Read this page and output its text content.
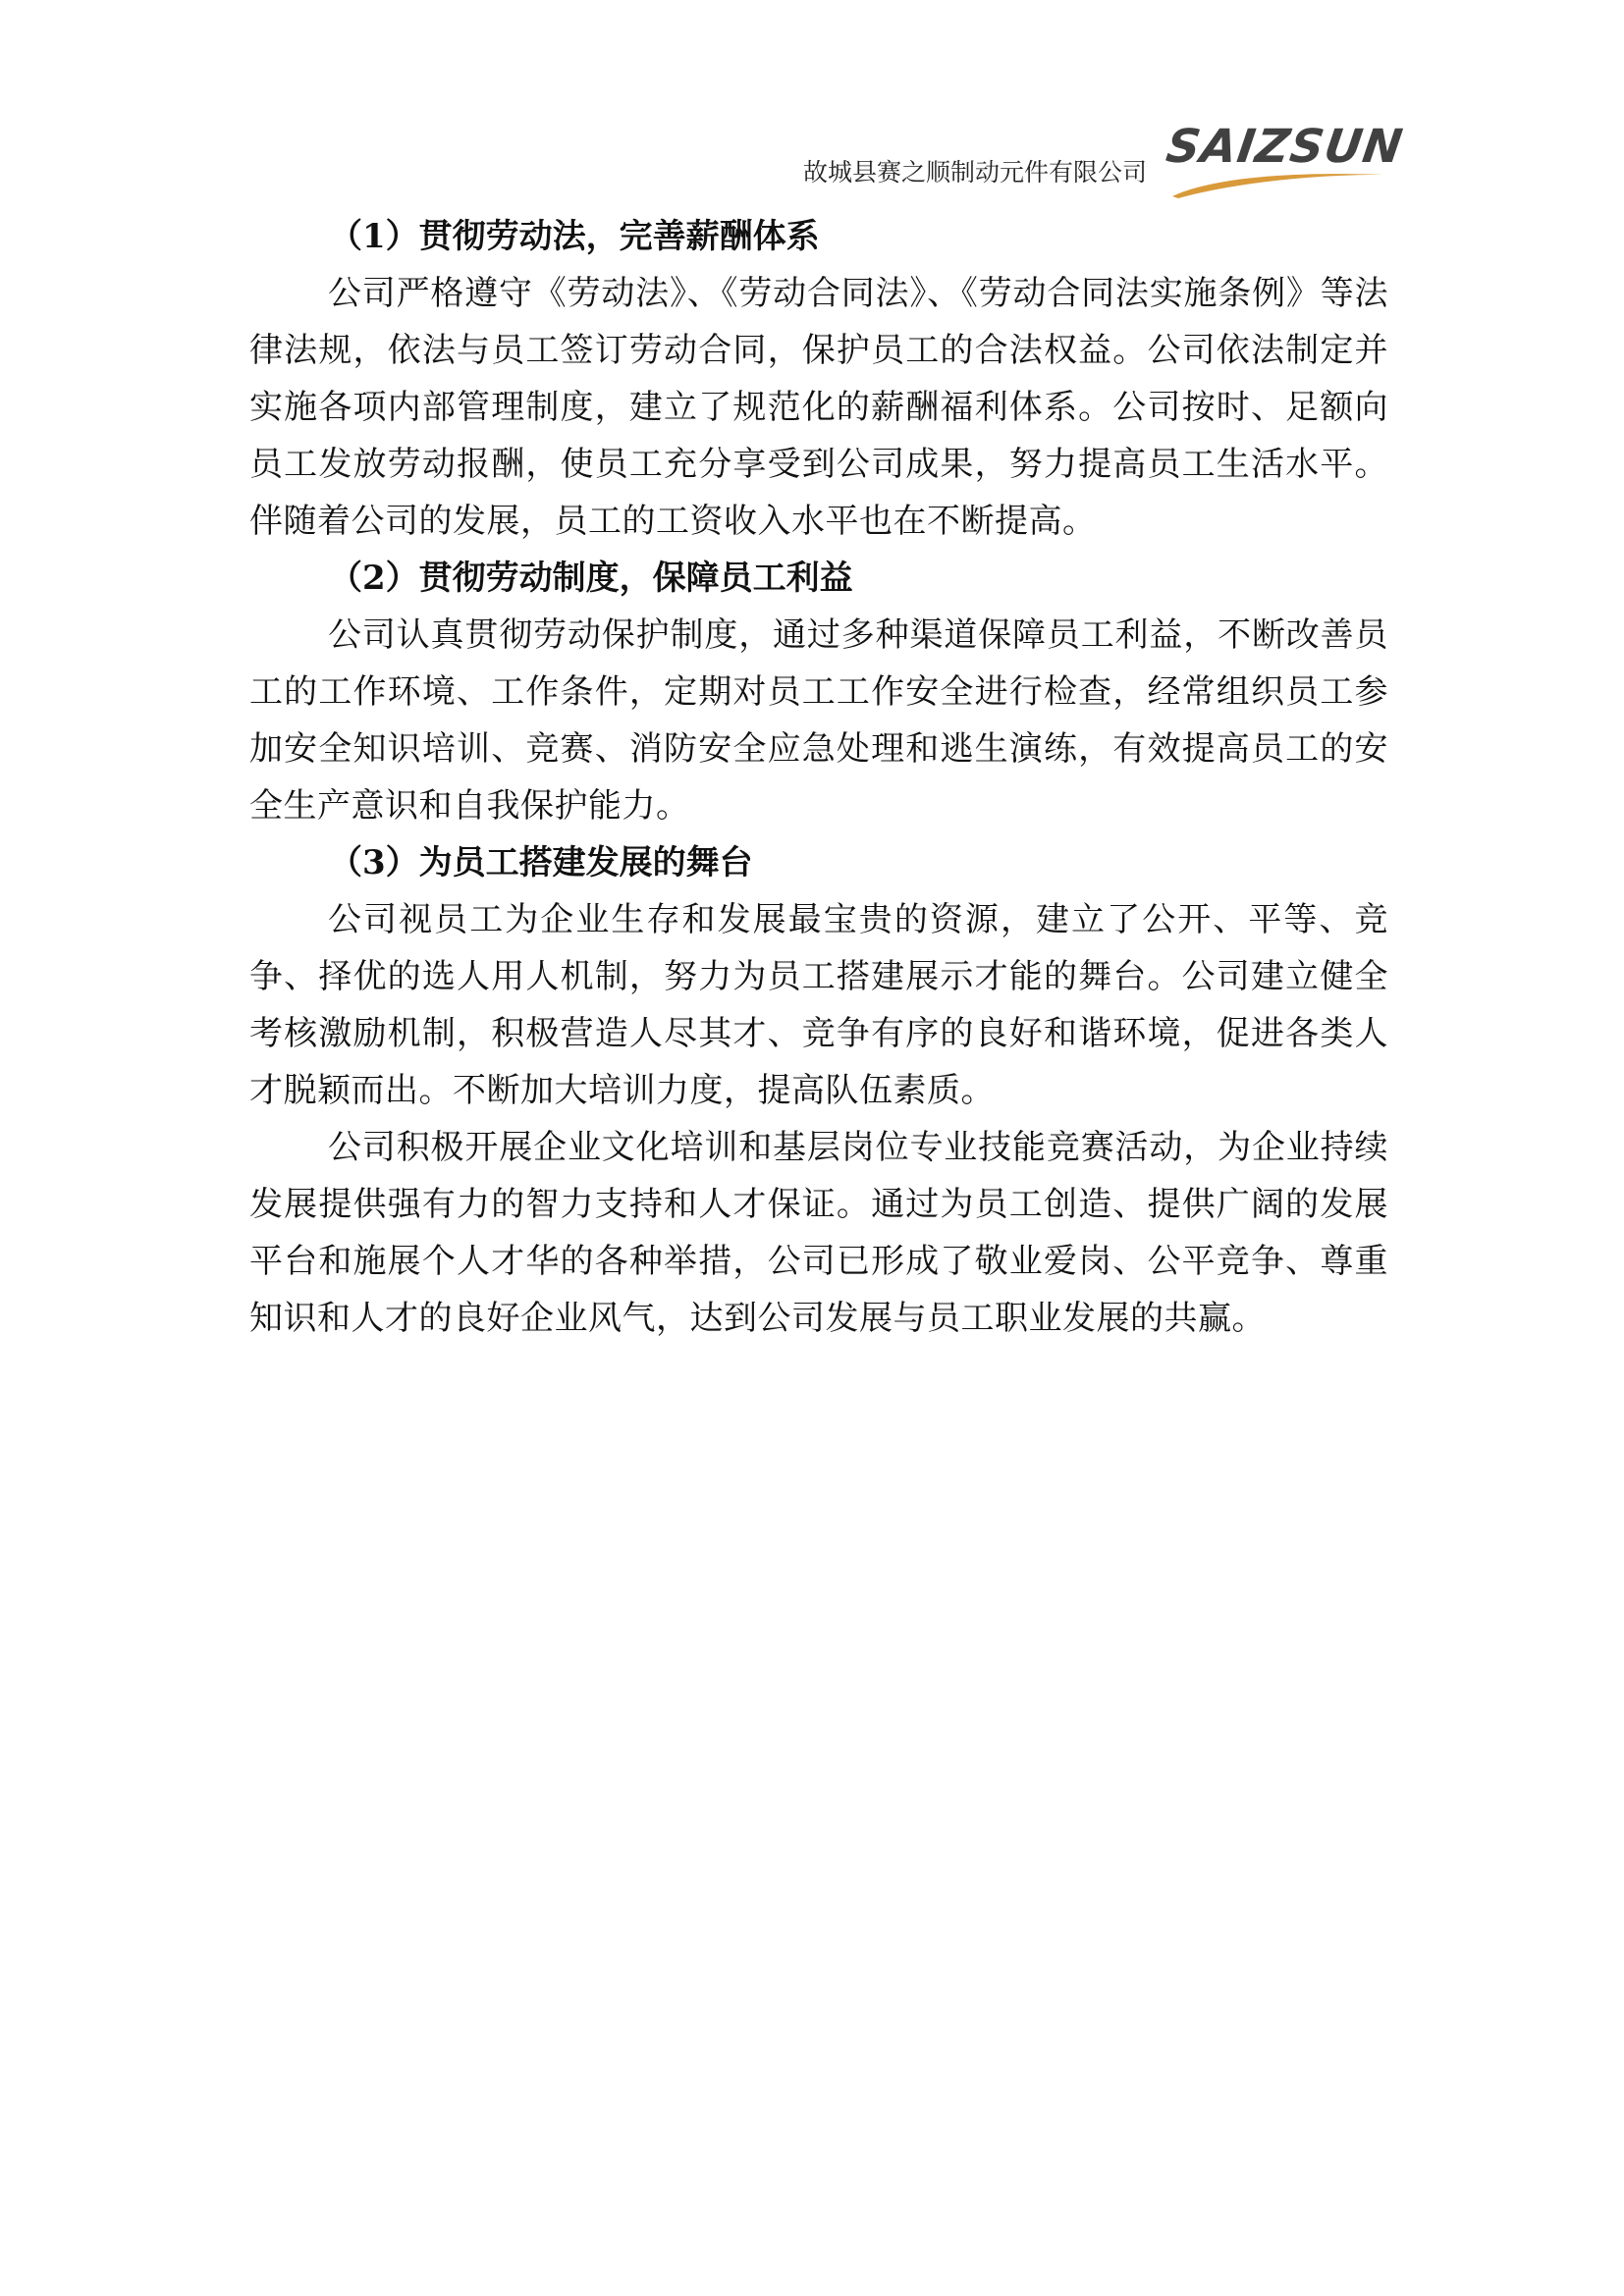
故城县赛之顺制动元件有限公司 SAIZSUN
（1）贯彻劳动法，完善薪酬体系

公司严格遵守《劳动法》、《劳动合同法》、《劳动合同法实施条例》等法律法规，依法与员工签订劳动合同，保护员工的合法权益。公司依法制定并实施各项内部管理制度，建立了规范化的薪酬福利体系。公司按时、足额向员工发放劳动报酬，使员工充分享受到公司成果，努力提高员工生活水平。伴随着公司的发展，员工的工资收入水平也在不断提高。

（2）贯彻劳动制度，保障员工利益

公司认真贯彻劳动保护制度，通过多种渠道保障员工利益，不断改善员工的工作环境、工作条件，定期对员工工作安全进行检查，经常组织员工参加安全知识培训、竞赛、消防安全应急处理和逃生演练，有效提高员工的安全生产意识和自我保护能力。

（3）为员工搭建发展的舞台

公司视员工为企业生存和发展最宝贵的资源，建立了公开、平等、竞争、择优的选人用人机制，努力为员工搭建展示才能的舞台。公司建立健全考核激励机制，积极营造人尽其才、竞争有序的良好和谐环境，促进各类人才脱颖而出。不断加大培训力度，提高队伍素质。

公司积极开展企业文化培训和基层岗位专业技能竞赛活动，为企业持续发展提供强有力的智力支持和人才保证。通过为员工创造、提供广阔的发展平台和施展个人才华的各种举措，公司已形成了敬业爱岗、公平竞争、尊重知识和人才的良好企业风气，达到公司发展与员工职业发展的共赢。
